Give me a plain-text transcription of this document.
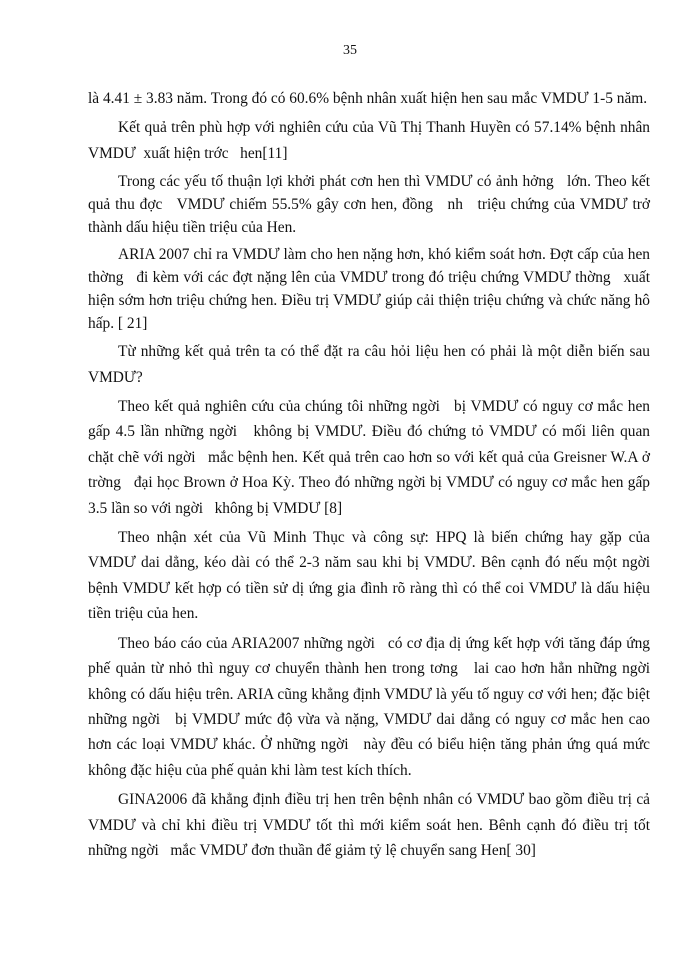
35

là 4.41 ± 3.83 năm. Trong đó có 60.6% bệnh nhân xuất hiện hen sau mắc VMDƯ 1-5 năm.

Kết quả trên phù hợp với nghiên cứu của Vũ Thị Thanh Huyền có 57.14% bệnh nhân VMDƯ  xuất hiện trớc   hen[11]

Trong các yếu tố thuận lợi khởi phát cơn hen thì VMDƯ có ảnh hởng   lớn. Theo kết quả thu đợc   VMDƯ chiếm 55.5% gây cơn hen, đồng   nh   triệu chứng của VMDƯ trở thành dấu hiệu tiền triệu của Hen.

ARIA 2007 chỉ ra VMDƯ làm cho hen nặng hơn, khó kiểm soát hơn. Đợt cấp của hen thờng   đi kèm với các đợt nặng lên của VMDƯ trong đó triệu chứng VMDƯ thờng   xuất hiện sớm hơn triệu chứng hen. Điều trị VMDƯ giúp cải thiện triệu chứng và chức năng hô hấp. [ 21]

Từ những kết quả trên ta có thể đặt ra câu hỏi liệu hen có phải là một diễn biến sau VMDƯ?

Theo kết quả nghiên cứu của chúng tôi những ngời   bị VMDƯ có nguy cơ mắc hen gấp 4.5 lần những ngời   không bị VMDƯ. Điều đó chứng tỏ VMDƯ có mối liên quan chặt chẽ với ngời   mắc bệnh hen. Kết quả trên cao hơn so với kết quả của Greisner W.A ở trờng   đại học Brown ở Hoa Kỳ. Theo đó những ngời bị VMDƯ có nguy cơ mắc hen gấp 3.5 lần so với ngời   không bị VMDƯ [8]

Theo nhận xét của Vũ Minh Thục và công sự: HPQ là biến chứng hay gặp của VMDƯ dai dẳng, kéo dài có thể 2-3 năm sau khi bị VMDƯ. Bên cạnh đó nếu một ngời   bệnh VMDƯ kết hợp có tiền sử dị ứng gia đình rõ ràng thì có thể coi VMDƯ là dấu hiệu tiền triệu của hen.

Theo báo cáo của ARIA2007 những ngời   có cơ địa dị ứng kết hợp với tăng đáp ứng phế quản từ nhỏ thì nguy cơ chuyển thành hen trong tơng   lai cao hơn hẳn những ngời   không có dấu hiệu trên. ARIA cũng khẳng định VMDƯ là yếu tố nguy cơ với hen; đặc biệt những ngời   bị VMDƯ mức độ vừa và nặng, VMDƯ dai dẳng có nguy cơ mắc hen cao hơn các loại VMDƯ khác. Ở những ngời   này đều có biểu hiện tăng phản ứng quá mức không đặc hiệu của phế quản khi làm test kích thích.

GINA2006 đã khẳng định điều trị hen trên bệnh nhân có VMDƯ bao gồm điều trị cả VMDƯ và chỉ khi điều trị VMDƯ tốt thì mới kiểm soát hen. Bênh cạnh đó điều trị tốt những ngời   mắc VMDƯ đơn thuần để giảm tỷ lệ chuyển sang Hen[ 30]
